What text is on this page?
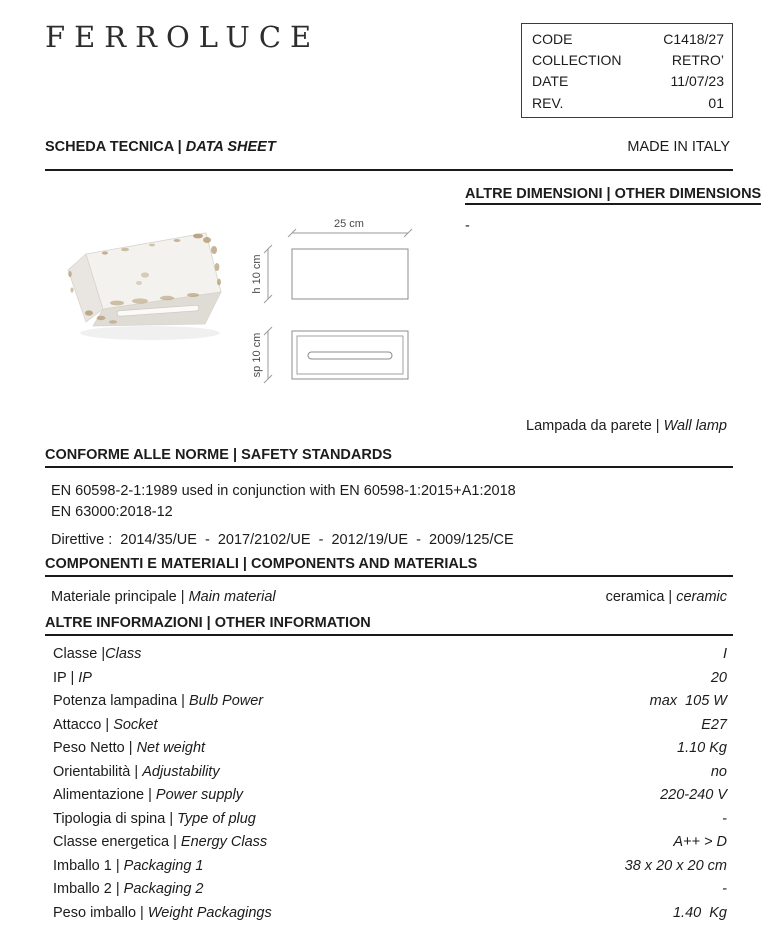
FERROLUCE	CODE	C1418/27
COLLECTION	RETRO’
DATE	11/07/23
REV.	01
SCHEDA TECNICA | DATA SHEET	MADE IN ITALY
ALTRE DIMENSIONI | OTHER DIMENSIONS
-
25 cm
h 10 cm
sp 10 cm
Lampada da parete | Wall lamp
CONFORME ALLE NORME | SAFETY STANDARDS
EN 60598-2-1:1989 used in conjunction with EN 60598-1:2015+A1:2018
EN 63000:2018-12
Direttive :  2014/35/UE  -  2017/2102/UE  -  2012/19/UE  -  2009/125/CE
COMPONENTI E MATERIALI | COMPONENTS AND MATERIALS
Materiale principale | Main material	ceramica | ceramic
ALTRE INFORMAZIONI | OTHER INFORMATION
Classe |Class	I
IP | IP	20
Potenza lampadina | Bulb Power	max  105 W
Attacco | Socket	E27
Peso Netto | Net weight	1.10 Kg
Orientabilità | Adjustability	no
Alimentazione | Power supply	220-240 V
Tipologia di spina | Type of plug	-
Classe energetica | Energy Class	A++ > D
Imballo 1 | Packaging 1	38 x 20 x 20 cm
Imballo 2 | Packaging 2	-
Peso imballo | Weight Packagings	1.40  Kg
